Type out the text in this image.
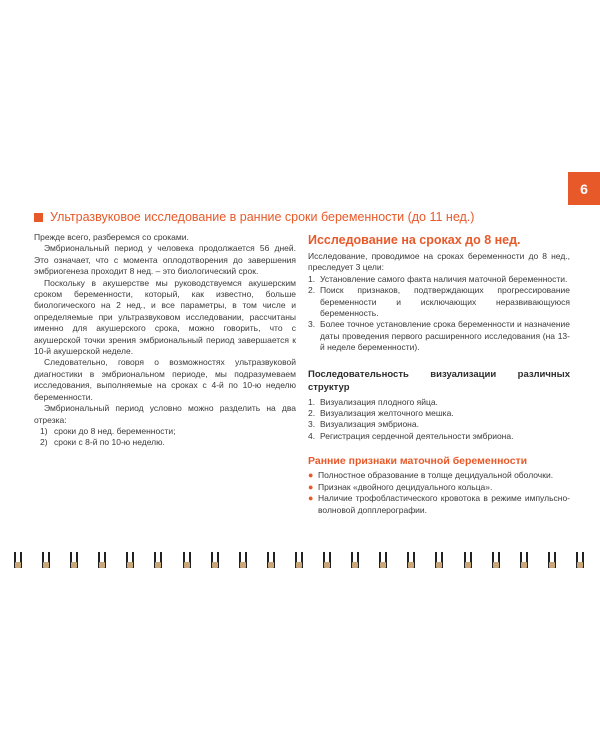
6
Ультразвуковое исследование в ранние сроки беременности (до 11 нед.)

Прежде всего, разберемся со сроками.

Эмбриональный период у человека продолжается 56 дней. Это означает, что с момента оплодотворения до завершения эмбриогенеза проходит 8 нед. – это биологический срок.

Поскольку в акушерстве мы руководствуемся акушерским сроком беременности, который, как известно, больше биологического на 2 нед., и все параметры, в том числе и определяемые при ультразвуковом исследовании, рассчитаны именно для акушерского срока, можно говорить, что с акушерской точки зрения эмбриональный период завершается к 10-й акушерской неделе.

Следовательно, говоря о возможностях ультразвуковой диагностики в эмбриональном периоде, мы подразумеваем исследования, выполняемые на сроках с 4-й по 10-ю неделю беременности.

Эмбриональный период условно можно разделить на два отрезка:

1) сроки до 8 нед. беременности;
2) сроки с 8-й по 10-ю неделю.
Исследование на сроках до 8 нед.

Исследование, проводимое на сроках беременности до 8 нед., преследует 3 цели:

1. Установление самого факта наличия маточной беременности.
2. Поиск признаков, подтверждающих прогрессирование беременности и исключающих неразвивающуюся беременность.
3. Более точное установление срока беременности и назначение даты проведения первого расширенного исследования (на 13-й неделе беременности).
Последовательность визуализации различных структур
1. Визуализация плодного яйца.
2. Визуализация желточного мешка.
3. Визуализация эмбриона.
4. Регистрация сердечной деятельности эмбриона.
Ранние признаки маточной беременности
● Полностное образование в толще децидуальной оболочки.
● Признак «двойного децидуального кольца».
● Наличие трофобластического кровотока в режиме импульсно-волновой допплерографии.
